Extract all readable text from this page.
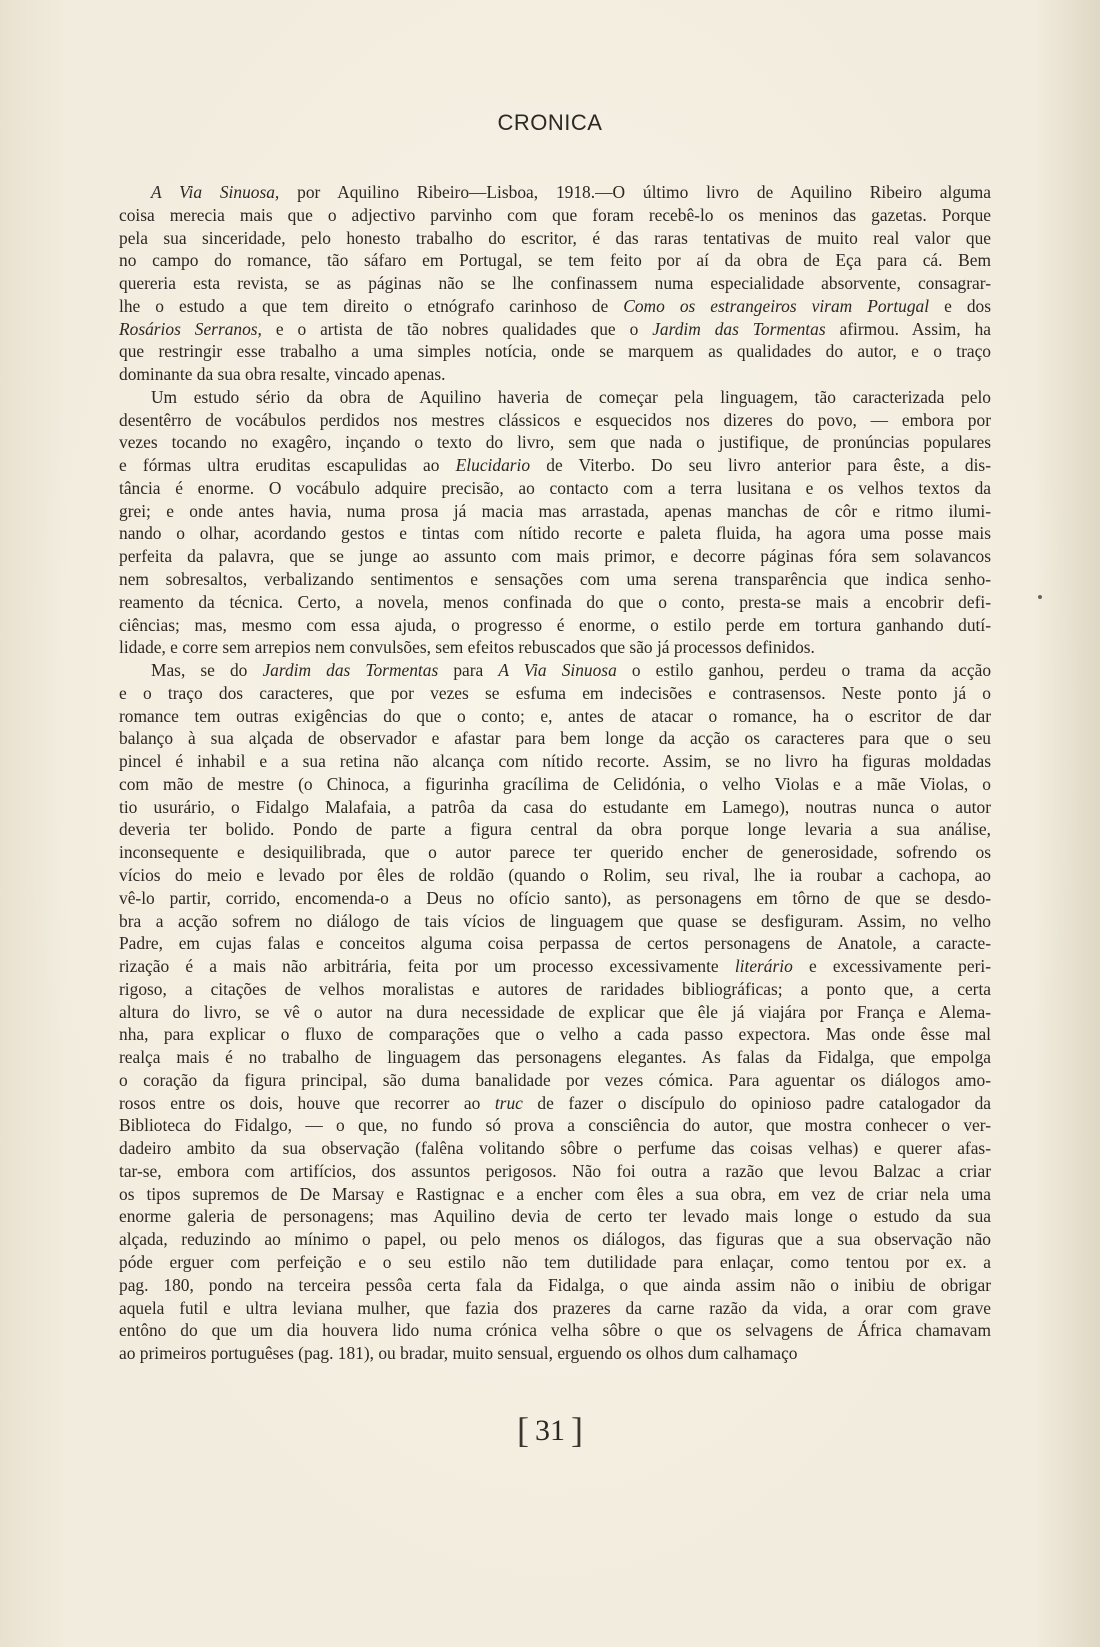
CRONICA
A Via Sinuosa, por Aquilino Ribeiro—Lisboa, 1918.—O último livro de Aquilino Ribeiro alguma
coisa merecia mais que o adjectivo parvinho com que foram recebê-lo os meninos das gazetas. Porque
pela sua sinceridade, pelo honesto trabalho do escritor, é das raras tentativas de muito real valor que
no campo do romance, tão sáfaro em Portugal, se tem feito por aí da obra de Eça para cá. Bem
quereria esta revista, se as páginas não se lhe confinassem numa especialidade absorvente, consagrar-
lhe o estudo a que tem direito o etnógrafo carinhoso de Como os estrangeiros viram Portugal e dos
Rosários Serranos, e o artista de tão nobres qualidades que o Jardim das Tormentas afirmou. Assim, ha
que restringir esse trabalho a uma simples notícia, onde se marquem as qualidades do autor, e o traço
dominante da sua obra resalte, vincado apenas.
Um estudo sério da obra de Aquilino haveria de começar pela linguagem, tão caracterizada pelo
desentêrro de vocábulos perdidos nos mestres clássicos e esquecidos nos dizeres do povo, — embora por
vezes tocando no exagêro, inçando o texto do livro, sem que nada o justifique, de pronúncias populares
e fórmas ultra eruditas escapulidas ao Elucidario de Viterbo. Do seu livro anterior para êste, a dis-
tância é enorme. O vocábulo adquire precisão, ao contacto com a terra lusitana e os velhos textos da
grei; e onde antes havia, numa prosa já macia mas arrastada, apenas manchas de côr e ritmo ilumi-
nando o olhar, acordando gestos e tintas com nítido recorte e paleta fluida, ha agora uma posse mais
perfeita da palavra, que se junge ao assunto com mais primor, e decorre páginas fóra sem solavancos
nem sobresaltos, verbalizando sentimentos e sensações com uma serena transparência que indica senho-
reamento da técnica. Certo, a novela, menos confinada do que o conto, presta-se mais a encobrir defi-
ciências; mas, mesmo com essa ajuda, o progresso é enorme, o estilo perde em tortura ganhando dutí-
lidade, e corre sem arrepios nem convulsões, sem efeitos rebuscados que são já processos definidos.
Mas, se do Jardim das Tormentas para A Via Sinuosa o estilo ganhou, perdeu o trama da acção
e o traço dos caracteres, que por vezes se esfuma em indecisões e contrasensos. Neste ponto já o
romance tem outras exigências do que o conto; e, antes de atacar o romance, ha o escritor de dar
balanço à sua alçada de observador e afastar para bem longe da acção os caracteres para que o seu
pincel é inhabil e a sua retina não alcança com nítido recorte. Assim, se no livro ha figuras moldadas
com mão de mestre (o Chinoca, a figurinha gracílima de Celidónia, o velho Violas e a mãe Violas, o
tio usurário, o Fidalgo Malafaia, a patrôa da casa do estudante em Lamego), noutras nunca o autor
deveria ter bolido. Pondo de parte a figura central da obra porque longe levaria a sua análise,
inconsequente e desiquilibrada, que o autor parece ter querido encher de generosidade, sofrendo os
vícios do meio e levado por êles de roldão (quando o Rolim, seu rival, lhe ia roubar a cachopa, ao
vê-lo partir, corrido, encomenda-o a Deus no ofício santo), as personagens em tôrno de que se desdo-
bra a acção sofrem no diálogo de tais vícios de linguagem que quase se desfiguram. Assim, no velho
Padre, em cujas falas e conceitos alguma coisa perpassa de certos personagens de Anatole, a caracte-
rização é a mais não arbitrária, feita por um processo excessivamente literário e excessivamente peri-
rigoso, a citações de velhos moralistas e autores de raridades bibliográficas; a ponto que, a certa
altura do livro, se vê o autor na dura necessidade de explicar que êle já viajára por França e Alema-
nha, para explicar o fluxo de comparações que o velho a cada passo expectora. Mas onde êsse mal
realça mais é no trabalho de linguagem das personagens elegantes. As falas da Fidalga, que empolga
o coração da figura principal, são duma banalidade por vezes cómica. Para aguentar os diálogos amo-
rosos entre os dois, houve que recorrer ao truc de fazer o discípulo do opinioso padre catalogador da
Biblioteca do Fidalgo, — o que, no fundo só prova a consciência do autor, que mostra conhecer o ver-
dadeiro ambito da sua observação (falêna volitando sôbre o perfume das coisas velhas) e querer afas-
tar-se, embora com artifícios, dos assuntos perigosos. Não foi outra a razão que levou Balzac a criar
os tipos supremos de De Marsay e Rastignac e a encher com êles a sua obra, em vez de criar nela uma
enorme galeria de personagens; mas Aquilino devia de certo ter levado mais longe o estudo da sua
alçada, reduzindo ao mínimo o papel, ou pelo menos os diálogos, das figuras que a sua observação não
póde erguer com perfeição e o seu estilo não tem dutilidade para enlaçar, como tentou por ex. a
pag. 180, pondo na terceira pessôa certa fala da Fidalga, o que ainda assim não o inibiu de obrigar
aquela futil e ultra leviana mulher, que fazia dos prazeres da carne razão da vida, a orar com grave
entôno do que um dia houvera lido numa crónica velha sôbre o que os selvagens de África chamavam
ao primeiros portuguêses (pag. 181), ou bradar, muito sensual, erguendo os olhos dum calhamaço
[ 31 ]
